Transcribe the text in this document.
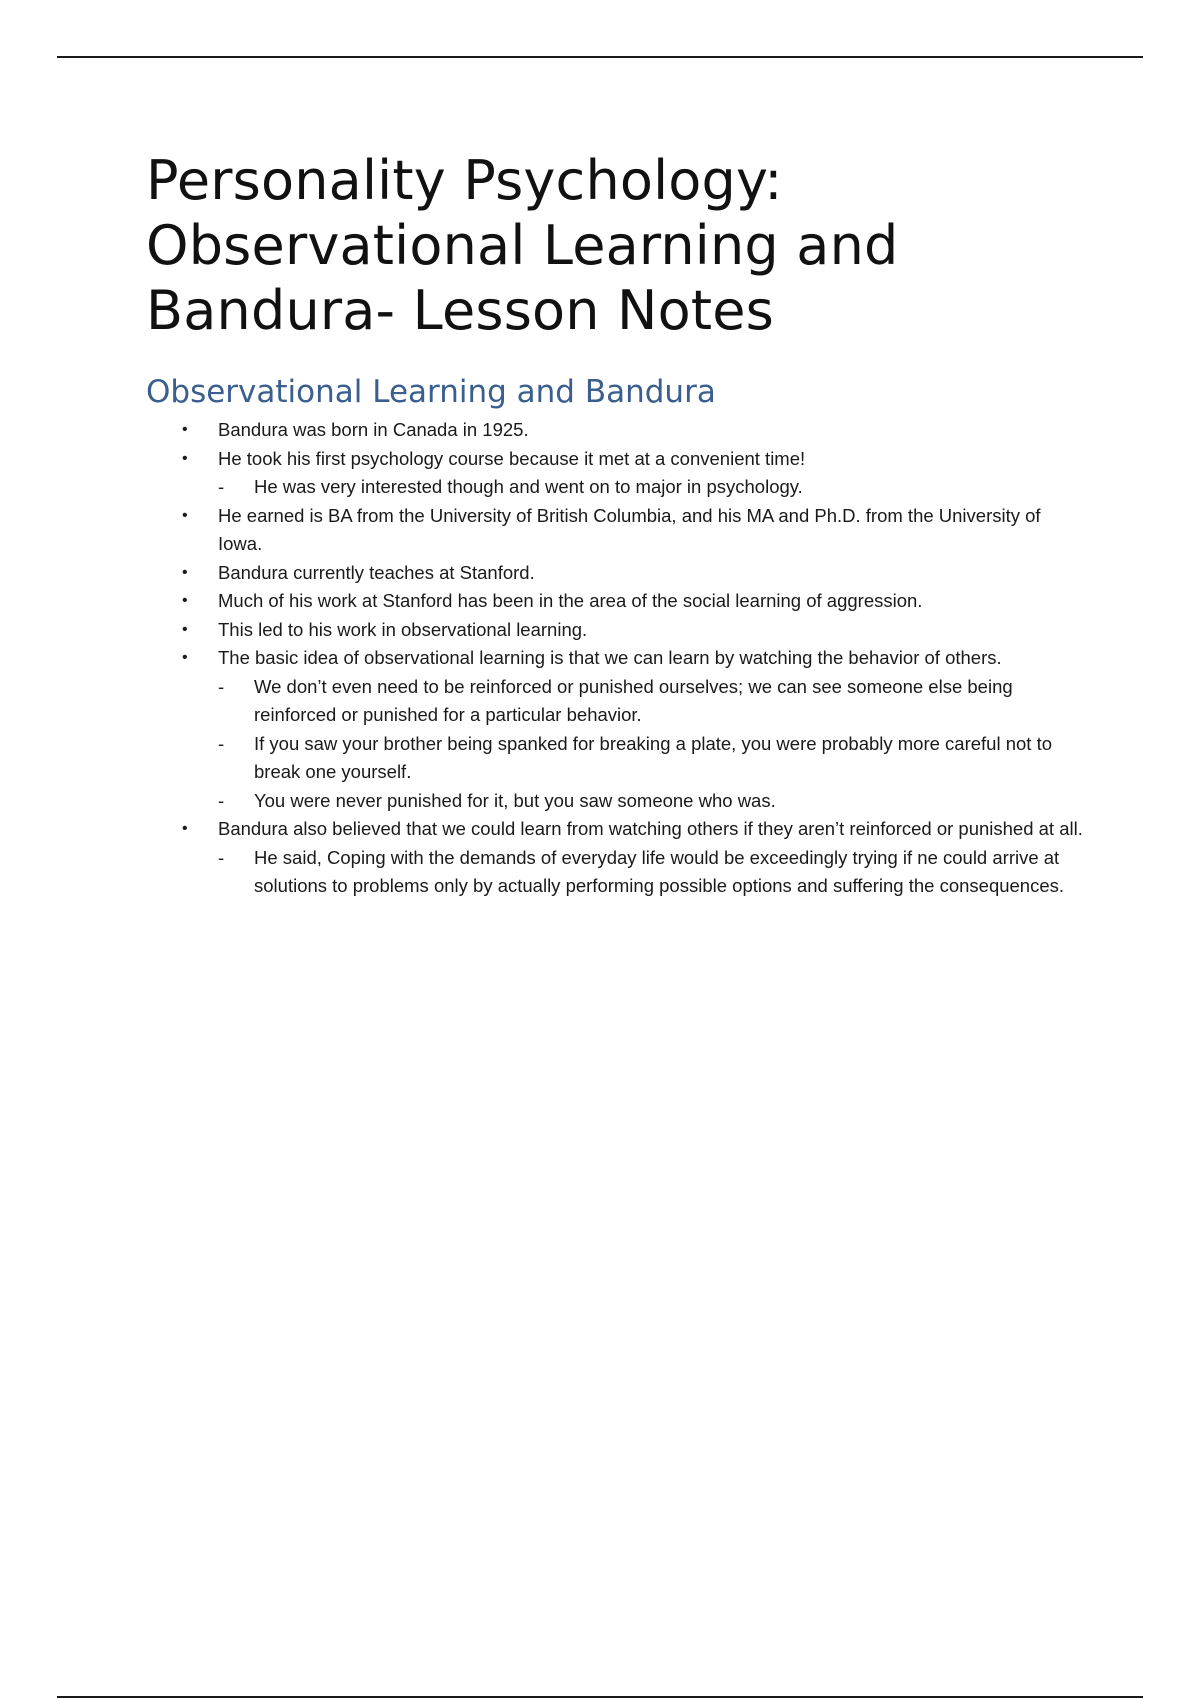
Personality Psychology:
Observational Learning and
Bandura- Lesson Notes
Observational Learning and Bandura
• Bandura was born in Canada in 1925.
• He took his first psychology course because it met at a convenient time!
- He was very interested though and went on to major in psychology.
• He earned is BA from the University of British Columbia, and his MA and Ph.D. from the University of Iowa.
• Bandura currently teaches at Stanford.
• Much of his work at Stanford has been in the area of the social learning of aggression.
• This led to his work in observational learning.
• The basic idea of observational learning is that we can learn by watching the behavior of others.
- We don’t even need to be reinforced or punished ourselves; we can see someone else being reinforced or punished for a particular behavior.
- If you saw your brother being spanked for breaking a plate, you were probably more careful not to break one yourself.
- You were never punished for it, but you saw someone who was.
• Bandura also believed that we could learn from watching others if they aren’t reinforced or punished at all.
- He said, Coping with the demands of everyday life would be exceedingly trying if ne could arrive at solutions to problems only by actually performing possible options and suffering the consequences.
